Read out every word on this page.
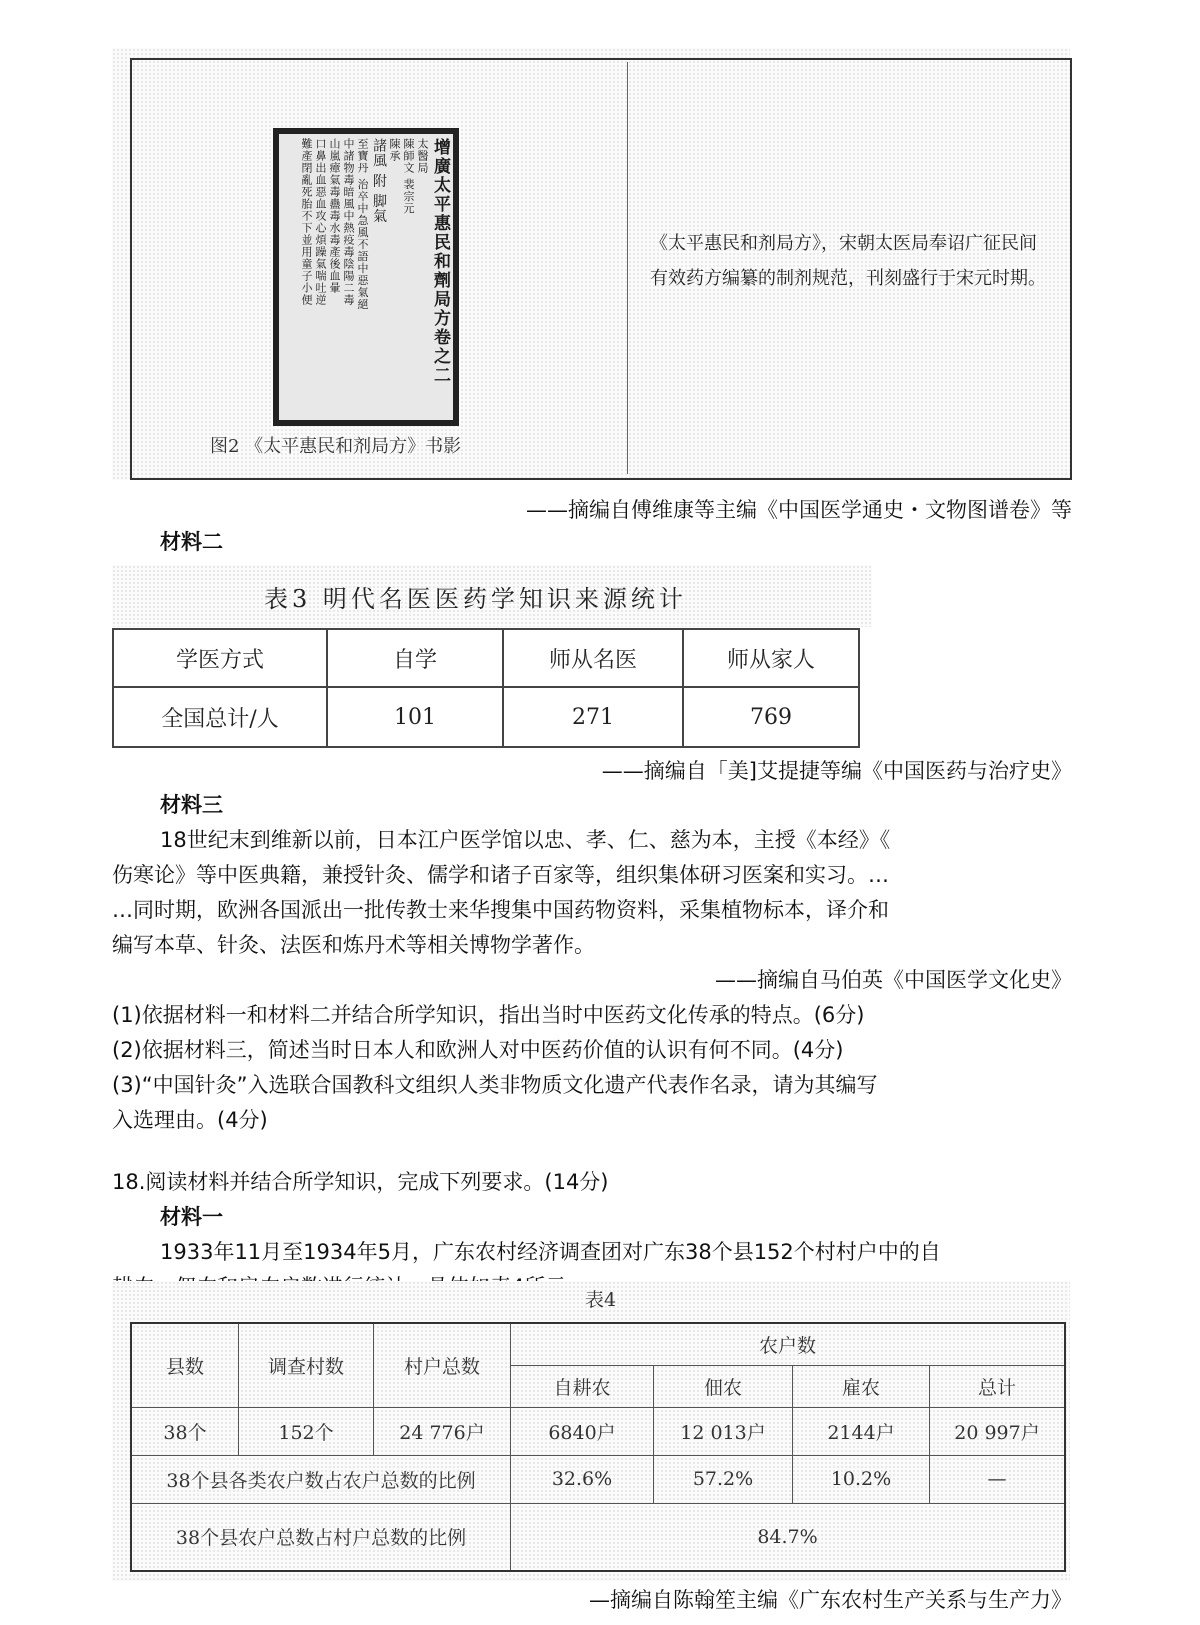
增廣太平惠民和劑局方卷之二
太醫局
陳師文 裴宗元
陳承
諸風 附 脚氣
至寶丹 治卒中急風不語中惡氣絕
中諸物毒暗風中熱疫毒陰陽二毒
山嵐瘴氣毒蠱毒水毒產後血暈
口鼻出血惡血攻心煩躁氣喘吐逆
難產閉亂死胎不下並用童子小便
图2 《太平惠民和剂局方》书影
《太平惠民和剂局方》，宋朝太医局奉诏广征民间有效药方编纂的制剂规范，刊刻盛行于宋元时期。
——摘编自傅维康等主编《中国医学通史・文物图谱卷》等
材料二
表3 明代名医医药学知识来源统计
学医方式	自学	师从名医	师从家人
全国总计/人	101	271	769
——摘编自「美]艾提捷等编《中国医药与治疗史》
材料三
18世纪末到维新以前，日本江户医学馆以忠、孝、仁、慈为本，主授《本经》《
伤寒论》等中医典籍，兼授针灸、儒学和诸子百家等，组织集体研习医案和实习。…
…同时期，欧洲各国派出一批传教士来华搜集中国药物资料，采集植物标本，译介和
编写本草、针灸、法医和炼丹术等相关博物学著作。
——摘编自马伯英《中国医学文化史》
(1)依据材料一和材料二并结合所学知识，指出当时中医药文化传承的特点。(6分)
(2)依据材料三，简述当时日本人和欧洲人对中医药价值的认识有何不同。(4分)
(3)“中国针灸”入选联合国教科文组织人类非物质文化遗产代表作名录，请为其编写
入选理由。(4分)
18.阅读材料并结合所学知识，完成下列要求。(14分)
材料一
1933年11月至1934年5月，广东农村经济调查团对广东38个县152个村村户中的自
表4
县数	调查村数	村户总数	农户数			
			自耕农	佃农	雇农	总计
38个	152个	24 776户	6840户	12 013户	2144户	20 997户
38个县各类农户数占农户总数的比例			32.6%	57.2%	10.2%	—
38个县农户总数占村户总数的比例			84.7%			
—摘编自陈翰笙主编《广东农村生产关系与生产力》
